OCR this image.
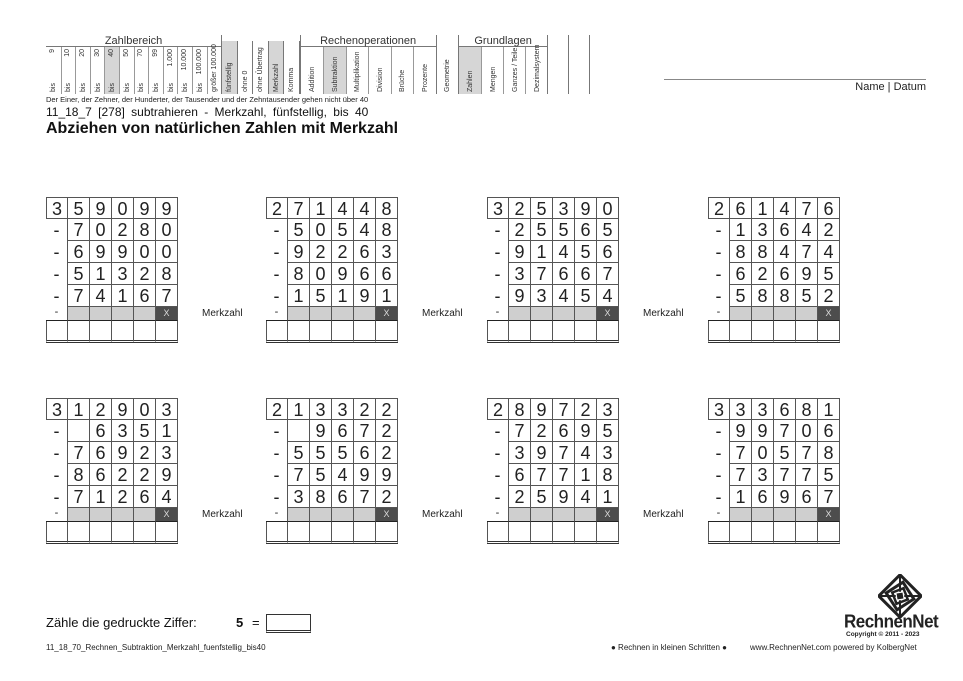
Zahlbereich
9
bis
10
bis
20
bis
30
bis
40
bis
50
bis
70
bis
99
bis
1.000
bis
10.000
bis
100.000
bis größer 100.000 fünfstellig ohne 0 ohne Übertrag Merkzahl Komma
Rechenoperationen
Addition Subtraktion Multiplikation Division Brüche Prozente Geometrie
Grundlagen
Zahlen Mengen Ganzes / Teile Dezimalsystem
Der Einer, der Zehner, der Hunderter, der Tausender und der Zehntausender gehen nicht über 40
11_18_7 [278] subtrahieren - Merkzahl, fünfstellig, bis 40
Abziehen von natürlichen Zahlen mit Merkzahl
Name | Datum
3 5 9 0 9 9
- 7 0 2 8 0
- 6 9 9 0 0
- 5 1 3 2 8
- 7 4 1 6 7
-	X	Merkzahl
2 7 1 4 4 8
- 5 0 5 4 8
- 9 2 2 6 3
- 8 0 9 6 6
- 1 5 1 9 1
-	X	Merkzahl
3 2 5 3 9 0
- 2 5 5 6 5
- 9 1 4 5 6
- 3 7 6 6 7
- 9 3 4 5 4
-	X	Merkzahl
2 6 1 4 7 6
- 1 3 6 4 2
- 8 8 4 7 4
- 6 2 6 9 5
- 5 8 8 5 2
-	X
3 1 2 9 0 3
-	6 3 5 1
- 7 6 9 2 3
- 8 6 2 2 9
- 7 1 2 6 4
-	X	Merkzahl
2 1 3 3 2 2
-	9 6 7 2
- 5 5 5 6 2
- 7 5 4 9 9
- 3 8 6 7 2
-	X	Merkzahl
2 8 9 7 2 3
- 7 2 6 9 5
- 3 9 7 4 3
- 6 7 7 1 8
- 2 5 9 4 1
-	X	Merkzahl
3 3 3 6 8 1
- 9 9 7 0 6
- 7 0 5 7 8
- 7 3 7 7 5
- 1 6 9 6 7
-	X
Zähle die gedruckte Ziffer:	5 =
11_18_70_Rechnen_Subtraktion_Merkzahl_fuenfstellig_bis40	● Rechnen in kleinen Schritten ●	www.RechnenNet.com powered by KolbergNet
RechnenNet
Copyright © 2011 - 2023
